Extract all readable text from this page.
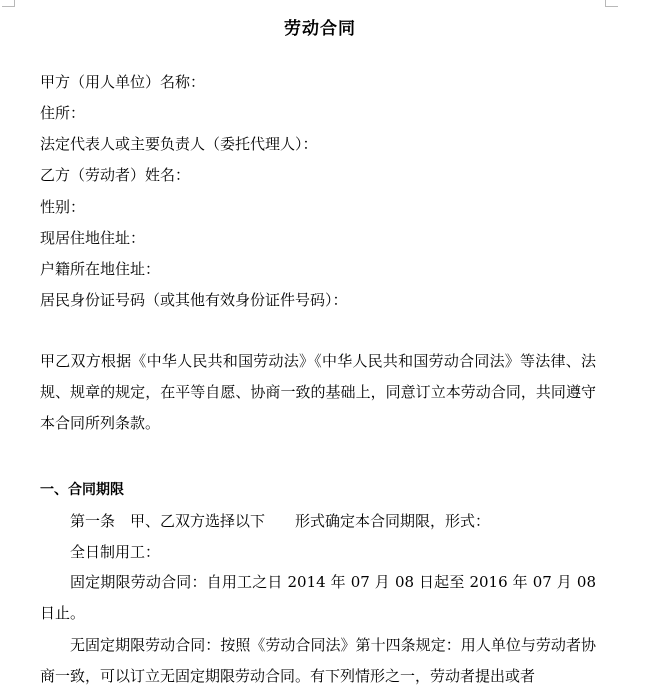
劳动合同
甲方（用人单位）名称：
住所：
法定代表人或主要负责人（委托代理人）：
乙方（劳动者）姓名：
性别：
现居住地住址：
户籍所在地住址：
居民身份证号码（或其他有效身份证件号码）：
甲乙双方根据《中华人民共和国劳动法》《中华人民共和国劳动合同法》等法律、法规、规章的规定，在平等自愿、协商一致的基础上，同意订立本劳动合同，共同遵守本合同所列条款。
一、合同期限
第一条　甲、乙双方选择以下　　形式确定本合同期限，形式：
全日制用工：
固定期限劳动合同：自用工之日 2014 年 07 月 08 日起至 2016 年 07 月 08 日止。
无固定期限劳动合同：按照《劳动合同法》第十四条规定：用人单位与劳动者协商一致，可以订立无固定期限劳动合同。有下列情形之一，劳动者提出或者
